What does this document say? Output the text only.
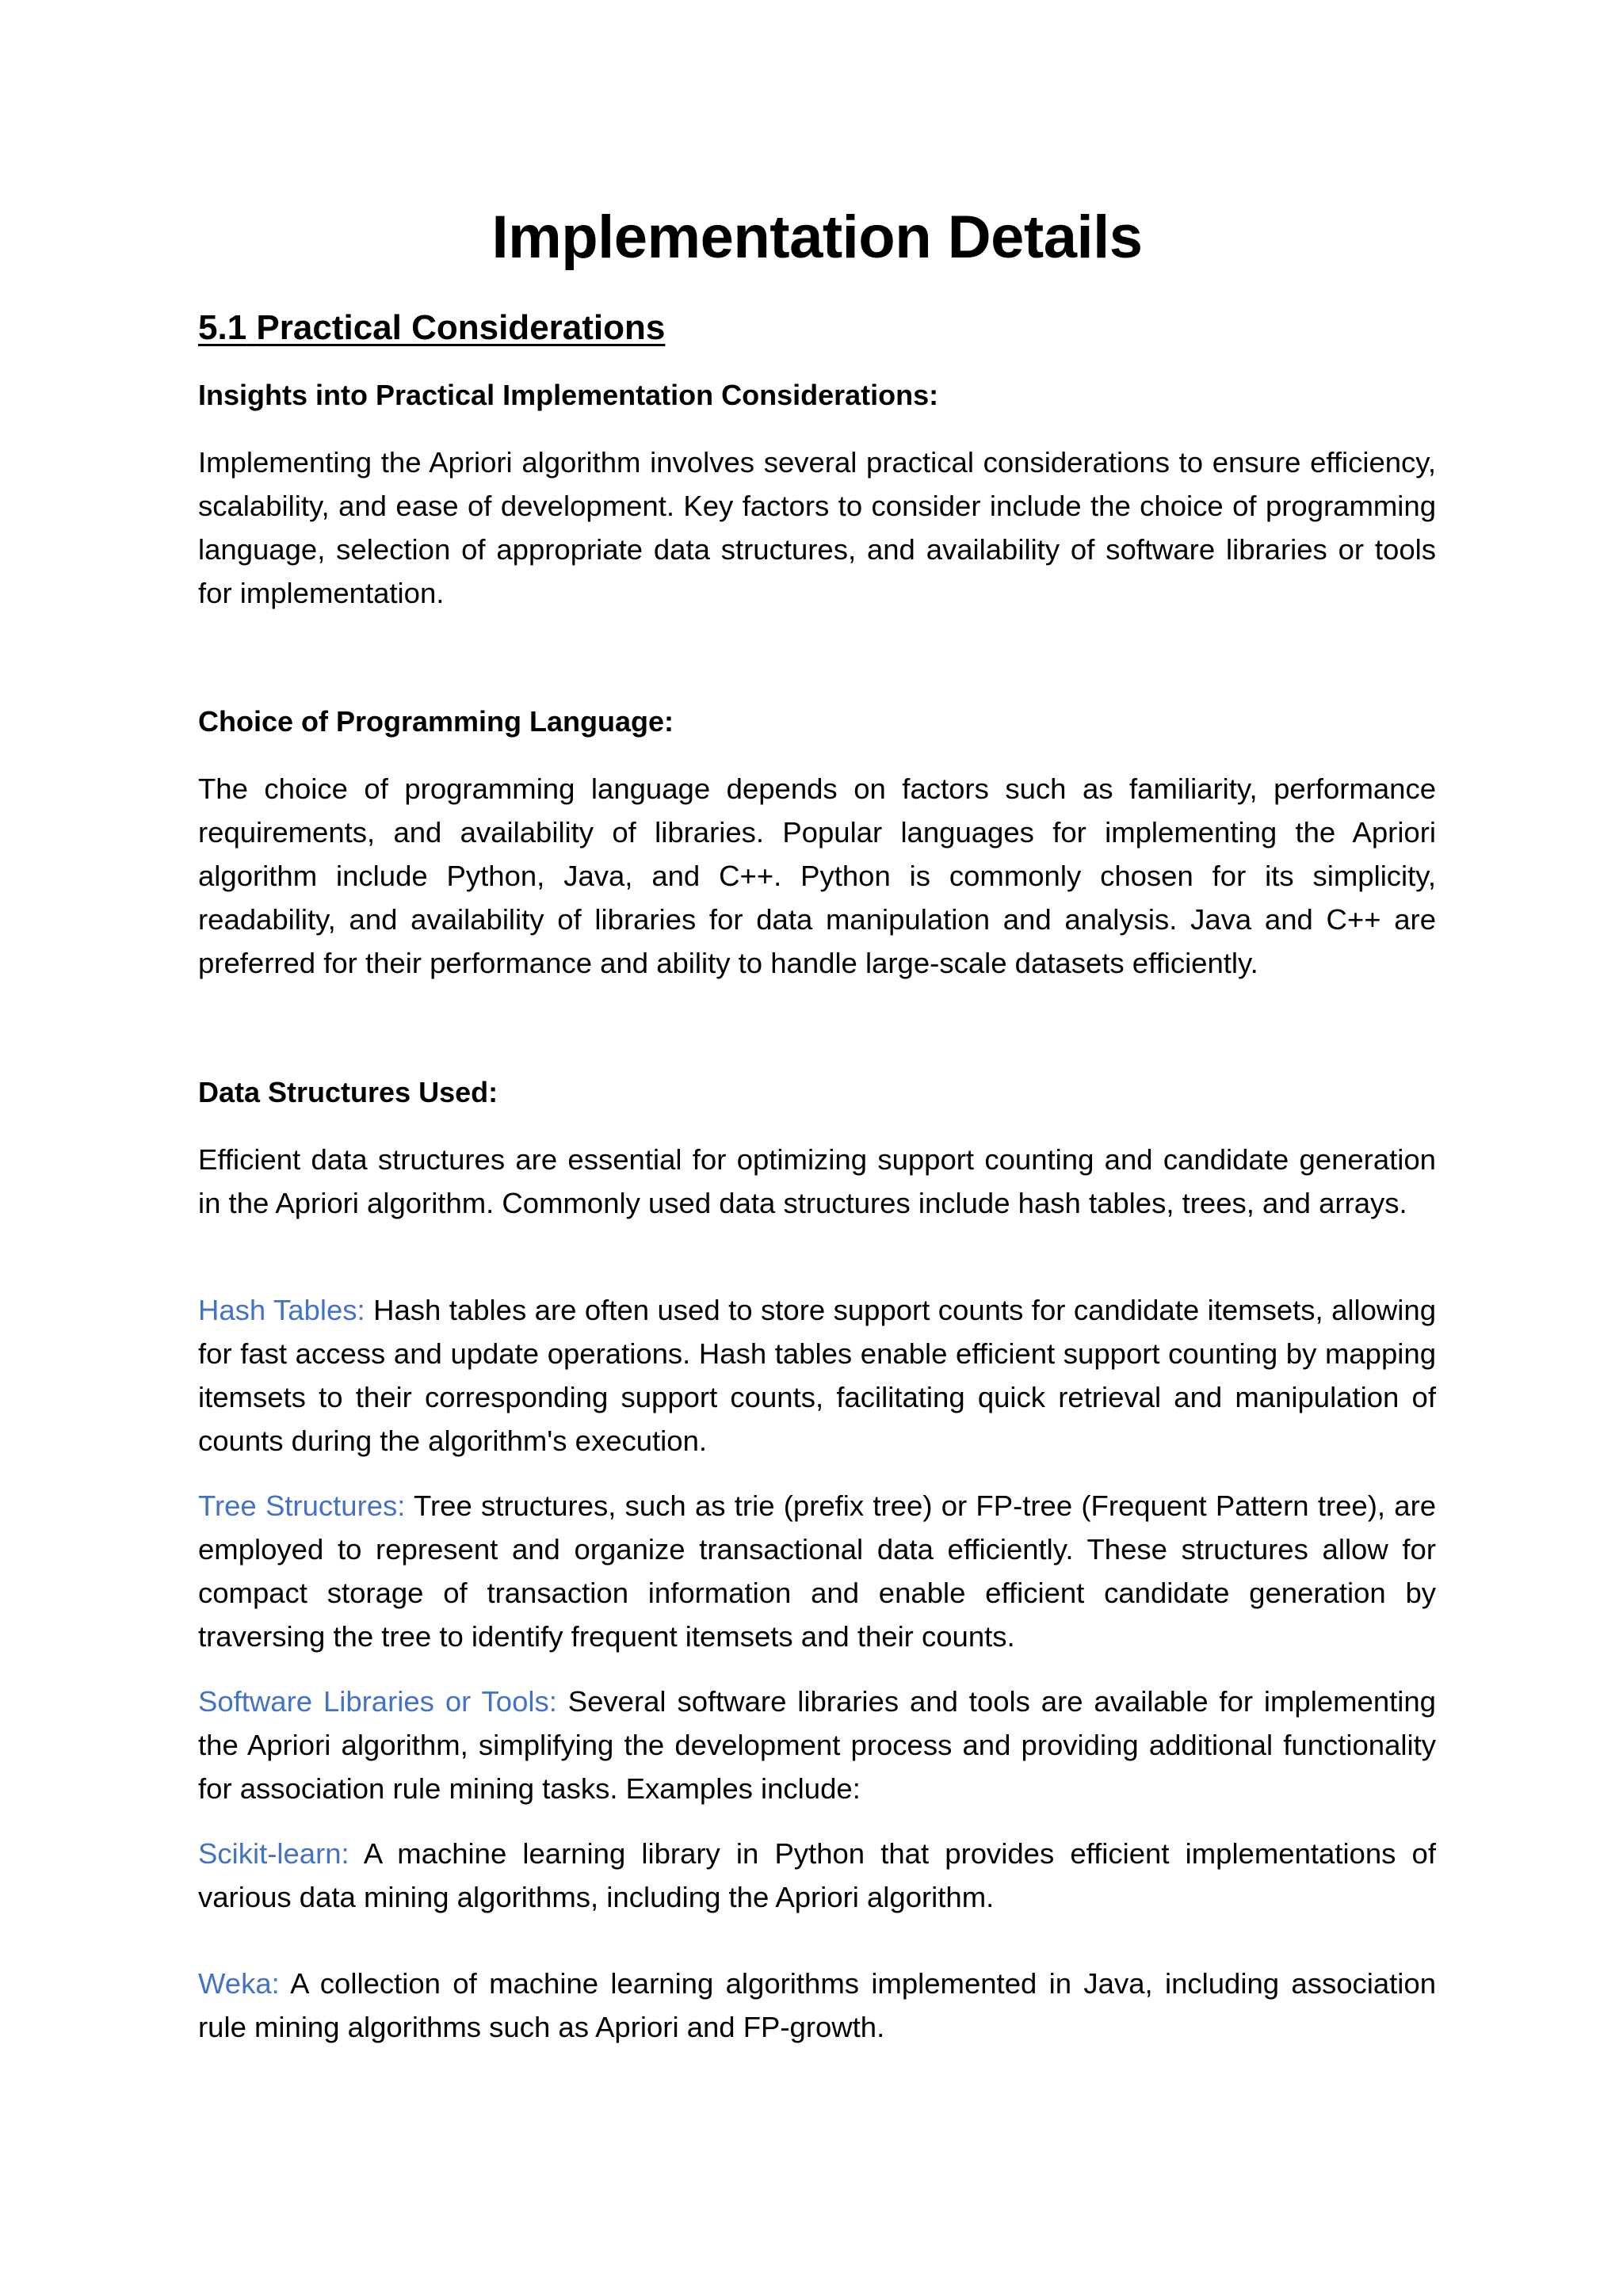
Implementation Details
5.1 Practical Considerations
Insights into Practical Implementation Considerations:

Implementing the Apriori algorithm involves several practical considerations to ensure efficiency, scalability, and ease of development. Key factors to consider include the choice of programming language, selection of appropriate data structures, and availability of software libraries or tools for implementation.

Choice of Programming Language:

The choice of programming language depends on factors such as familiarity, performance requirements, and availability of libraries. Popular languages for implementing the Apriori algorithm include Python, Java, and C++. Python is commonly chosen for its simplicity, readability, and availability of libraries for data manipulation and analysis. Java and C++ are preferred for their performance and ability to handle large-scale datasets efficiently.

Data Structures Used:

Efficient data structures are essential for optimizing support counting and candidate generation in the Apriori algorithm. Commonly used data structures include hash tables, trees, and arrays.

Hash Tables: Hash tables are often used to store support counts for candidate itemsets, allowing for fast access and update operations. Hash tables enable efficient support counting by mapping itemsets to their corresponding support counts, facilitating quick retrieval and manipulation of counts during the algorithm's execution.

Tree Structures: Tree structures, such as trie (prefix tree) or FP-tree (Frequent Pattern tree), are employed to represent and organize transactional data efficiently. These structures allow for compact storage of transaction information and enable efficient candidate generation by traversing the tree to identify frequent itemsets and their counts.

Software Libraries or Tools: Several software libraries and tools are available for implementing the Apriori algorithm, simplifying the development process and providing additional functionality for association rule mining tasks. Examples include:

Scikit-learn: A machine learning library in Python that provides efficient implementations of various data mining algorithms, including the Apriori algorithm.

Weka: A collection of machine learning algorithms implemented in Java, including association rule mining algorithms such as Apriori and FP-growth.
